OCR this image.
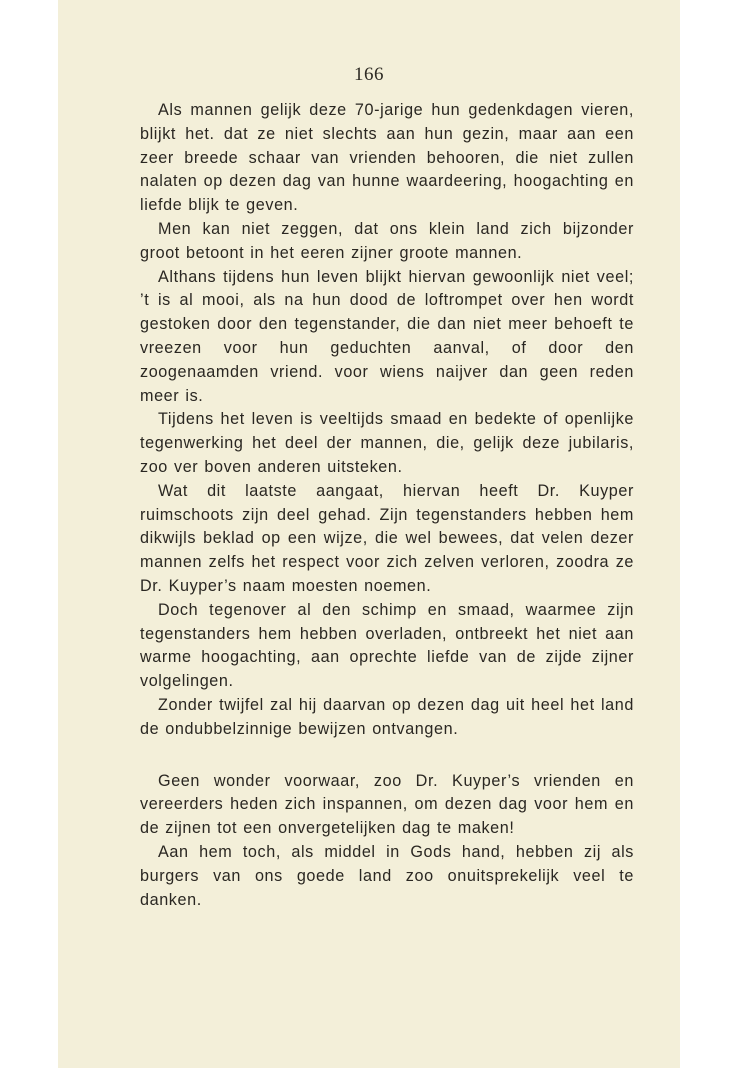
166

Als mannen gelijk deze 70-jarige hun gedenkdagen vieren, blijkt het. dat ze niet slechts aan hun gezin, maar aan een zeer breede schaar van vrienden behooren, die niet zullen nalaten op dezen dag van hunne waardeering, hoogachting en liefde blijk te geven.

Men kan niet zeggen, dat ons klein land zich bijzonder groot betoont in het eeren zijner groote mannen.

Althans tijdens hun leven blijkt hiervan gewoonlijk niet veel; ’t is al mooi, als na hun dood de loftrompet over hen wordt gestoken door den tegenstander, die dan niet meer behoeft te vreezen voor hun geduchten aanval, of door den zoogenaamden vriend. voor wiens naijver dan geen reden meer is.

Tijdens het leven is veeltijds smaad en bedekte of openlijke tegenwerking het deel der mannen, die, gelijk deze jubilaris, zoo ver boven anderen uitsteken.

Wat dit laatste aangaat, hiervan heeft Dr. Kuyper ruimschoots zijn deel gehad. Zijn tegenstanders hebben hem dikwijls beklad op een wijze, die wel bewees, dat velen dezer mannen zelfs het respect voor zich zelven verloren, zoodra ze Dr. Kuyper’s naam moesten noemen.

Doch tegenover al den schimp en smaad, waarmee zijn tegenstanders hem hebben overladen, ontbreekt het niet aan warme hoogachting, aan oprechte liefde van de zijde zijner volgelingen.

Zonder twijfel zal hij daarvan op dezen dag uit heel het land de ondubbelzinnige bewijzen ontvangen.

Geen wonder voorwaar, zoo Dr. Kuyper’s vrienden en vereerders heden zich inspannen, om dezen dag voor hem en de zijnen tot een onvergetelijken dag te maken!

Aan hem toch, als middel in Gods hand, hebben zij als burgers van ons goede land zoo onuitsprekelijk veel te danken.
